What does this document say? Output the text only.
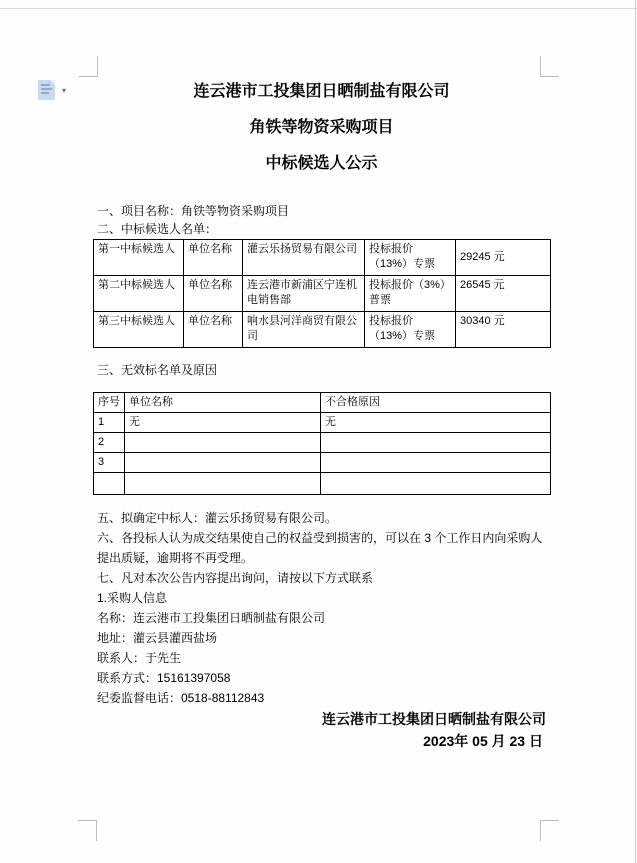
▾	连云港市工投集团日晒制盐有限公司
角铁等物资采购项目
中标候选人公示
一、项目名称：角铁等物资采购项目
二、中标候选人名单：
第一中标候选人	单位名称	灌云乐扬贸易有限公司	投标报价（13%）专票	29245 元
第二中标候选人	单位名称	连云港市新浦区宁连机电销售部	投标报价（3%）普票	26545 元
第三中标候选人	单位名称	响水县河洋商贸有限公司	投标报价（13%）专票	30340 元
三、无效标名单及原因
序号	单位名称	不合格原因
1	无	无
2		
3		

五、拟确定中标人：灌云乐扬贸易有限公司。

六、各投标人认为成交结果使自己的权益受到损害的，可以在 3 个工作日内向采购人提出质疑，逾期将不再受理。

七、凡对本次公告内容提出询问，请按以下方式联系

1.采购人信息

名称：连云港市工投集团日晒制盐有限公司

地址：灌云县灌西盐场

联系人：于先生

联系方式：15161397058

纪委监督电话：0518-88112843

连云港市工投集团日晒制盐有限公司
2023年 05 月 23 日
